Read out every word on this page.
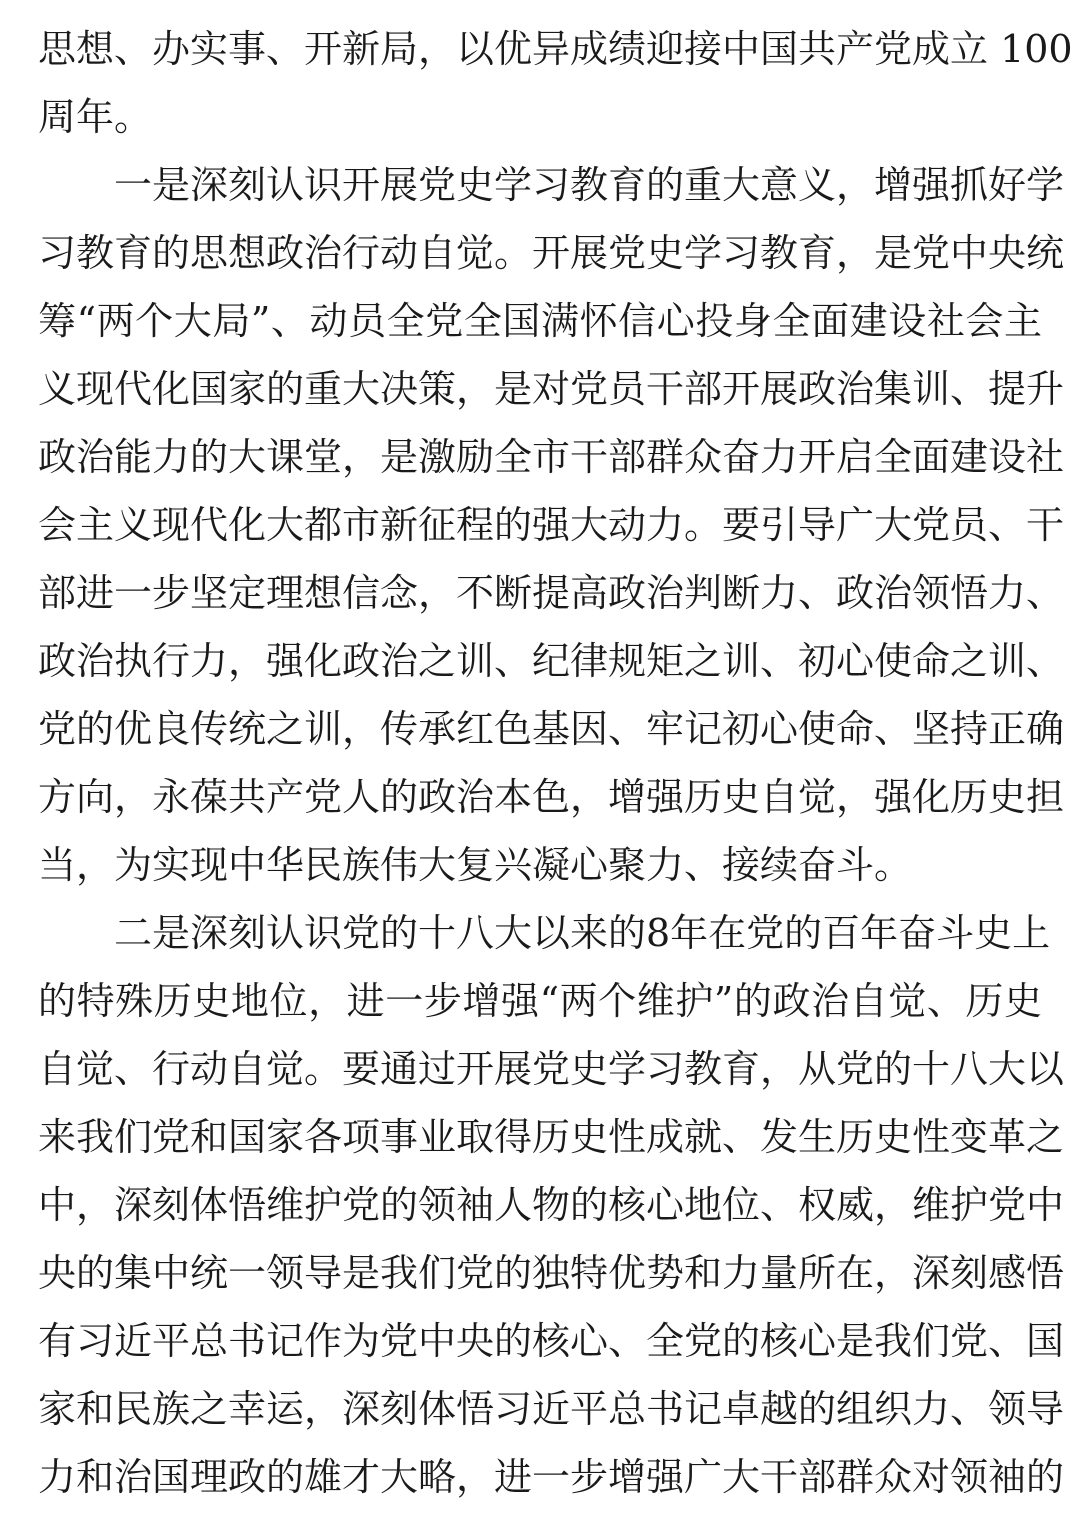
思想、办实事、开新局，以优异成绩迎接中国共产党成立 100
周年。
一是深刻认识开展党史学习教育的重大意义，增强抓好学
习教育的思想政治行动自觉。开展党史学习教育，是党中央统
筹“两个大局”、动员全党全国满怀信心投身全面建设社会主
义现代化国家的重大决策，是对党员干部开展政治集训、提升
政治能力的大课堂，是激励全市干部群众奋力开启全面建设社
会主义现代化大都市新征程的强大动力。要引导广大党员、干
部进一步坚定理想信念，不断提高政治判断力、政治领悟力、
政治执行力，强化政治之训、纪律规矩之训、初心使命之训、
党的优良传统之训，传承红色基因、牢记初心使命、坚持正确
方向，永葆共产党人的政治本色，增强历史自觉，强化历史担
当，为实现中华民族伟大复兴凝心聚力、接续奋斗。
二是深刻认识党的十八大以来的8年在党的百年奋斗史上
的特殊历史地位，进一步增强“两个维护”的政治自觉、历史
自觉、行动自觉。要通过开展党史学习教育，从党的十八大以
来我们党和国家各项事业取得历史性成就、发生历史性变革之
中，深刻体悟维护党的领袖人物的核心地位、权威，维护党中
央的集中统一领导是我们党的独特优势和力量所在，深刻感悟
有习近平总书记作为党中央的核心、全党的核心是我们党、国
家和民族之幸运，深刻体悟习近平总书记卓越的组织力、领导
力和治国理政的雄才大略，进一步增强广大干部群众对领袖的
